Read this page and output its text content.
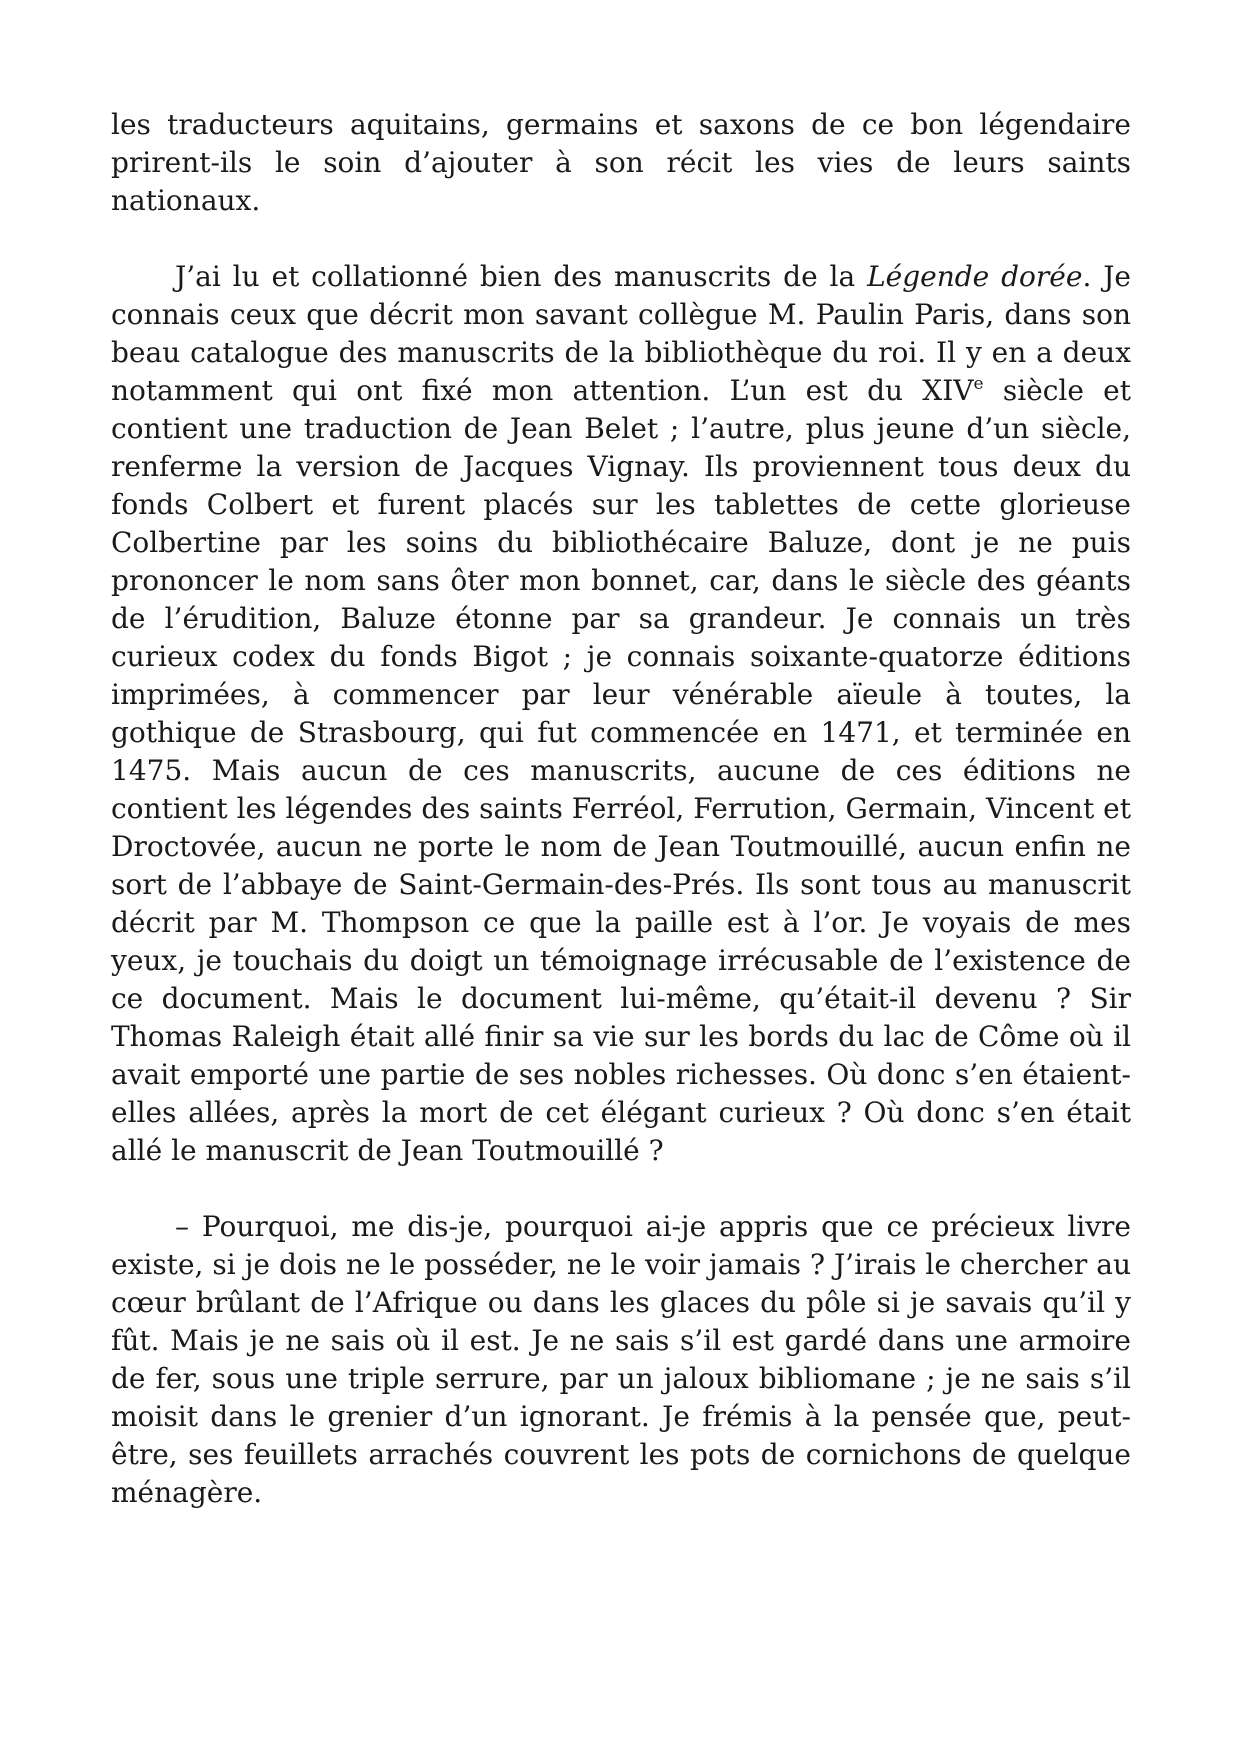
les traducteurs aquitains, germains et saxons de ce bon légendaire prirent-ils le soin d’ajouter à son récit les vies de leurs saints nationaux.

J’ai lu et collationné bien des manuscrits de la Légende dorée. Je connais ceux que décrit mon savant collègue M. Paulin Paris, dans son beau catalogue des manuscrits de la bibliothèque du roi. Il y en a deux notamment qui ont fixé mon attention. L’un est du XIVe siècle et contient une traduction de Jean Belet ; l’autre, plus jeune d’un siècle, renferme la version de Jacques Vignay. Ils proviennent tous deux du fonds Colbert et furent placés sur les tablettes de cette glorieuse Colbertine par les soins du bibliothécaire Baluze, dont je ne puis prononcer le nom sans ôter mon bonnet, car, dans le siècle des géants de l’érudition, Baluze étonne par sa grandeur. Je connais un très curieux codex du fonds Bigot ; je connais soixante-quatorze éditions imprimées, à commencer par leur vénérable aïeule à toutes, la gothique de Strasbourg, qui fut commencée en 1471, et terminée en 1475. Mais aucun de ces manuscrits, aucune de ces éditions ne contient les légendes des saints Ferréol, Ferrution, Germain, Vincent et Droctovée, aucun ne porte le nom de Jean Toutmouillé, aucun enfin ne sort de l’abbaye de Saint-Germain-des-Prés. Ils sont tous au manuscrit décrit par M. Thompson ce que la paille est à l’or. Je voyais de mes yeux, je touchais du doigt un témoignage irrécusable de l’existence de ce document. Mais le document lui-même, qu’était-il devenu ? Sir Thomas Raleigh était allé finir sa vie sur les bords du lac de Côme où il avait emporté une partie de ses nobles richesses. Où donc s’en étaient-elles allées, après la mort de cet élégant curieux ? Où donc s’en était allé le manuscrit de Jean Toutmouillé ?

– Pourquoi, me dis-je, pourquoi ai-je appris que ce précieux livre existe, si je dois ne le posséder, ne le voir jamais ? J’irais le chercher au cœur brûlant de l’Afrique ou dans les glaces du pôle si je savais qu’il y fût. Mais je ne sais où il est. Je ne sais s’il est gardé dans une armoire de fer, sous une triple serrure, par un jaloux bibliomane ; je ne sais s’il moisit dans le grenier d’un ignorant. Je frémis à la pensée que, peut-être, ses feuillets arrachés couvrent les pots de cornichons de quelque ménagère.
